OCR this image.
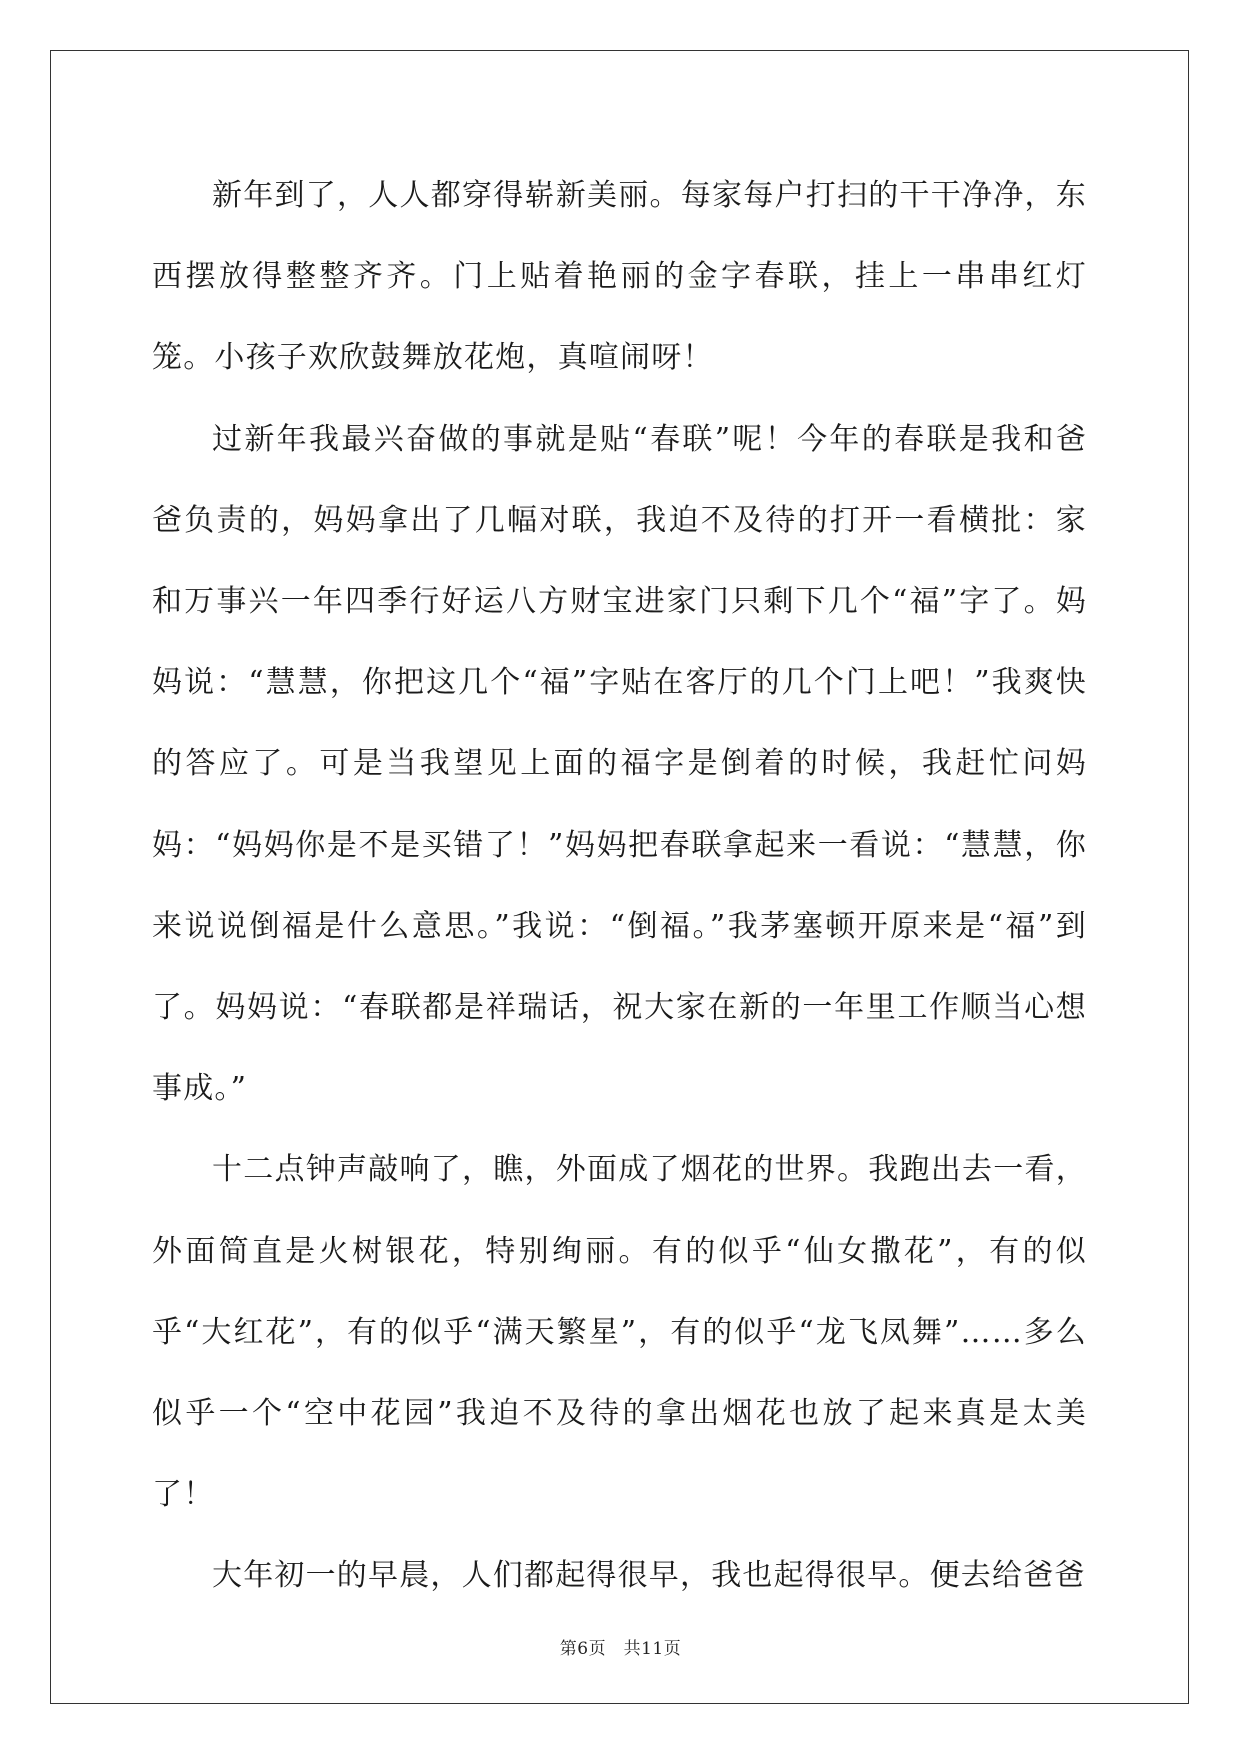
新年到了，人人都穿得崭新美丽。每家每户打扫的干干净净，东西摆放得整整齐齐。门上贴着艳丽的金字春联，挂上一串串红灯笼。小孩子欢欣鼓舞放花炮，真喧闹呀！

过新年我最兴奋做的事就是贴“春联”呢！今年的春联是我和爸爸负责的，妈妈拿出了几幅对联，我迫不及待的打开一看横批：家和万事兴一年四季行好运八方财宝进家门只剩下几个“福”字了。妈妈说：“慧慧，你把这几个“福”字贴在客厅的几个门上吧！”我爽快的答应了。可是当我望见上面的福字是倒着的时候，我赶忙问妈妈：“妈妈你是不是买错了！”妈妈把春联拿起来一看说：“慧慧，你来说说倒福是什么意思。”我说：“倒福。”我茅塞顿开原来是“福”到了。妈妈说：“春联都是祥瑞话，祝大家在新的一年里工作顺当心想事成。”

十二点钟声敲响了，瞧，外面成了烟花的世界。我跑出去一看，外面简直是火树银花，特别绚丽。有的似乎“仙女撒花”，有的似乎“大红花”，有的似乎“满天繁星”，有的似乎“龙飞凤舞”……多么似乎一个“空中花园”我迫不及待的拿出烟花也放了起来真是太美了！

大年初一的早晨，人们都起得很早，我也起得很早。便去给爸爸

第6页　共11页
